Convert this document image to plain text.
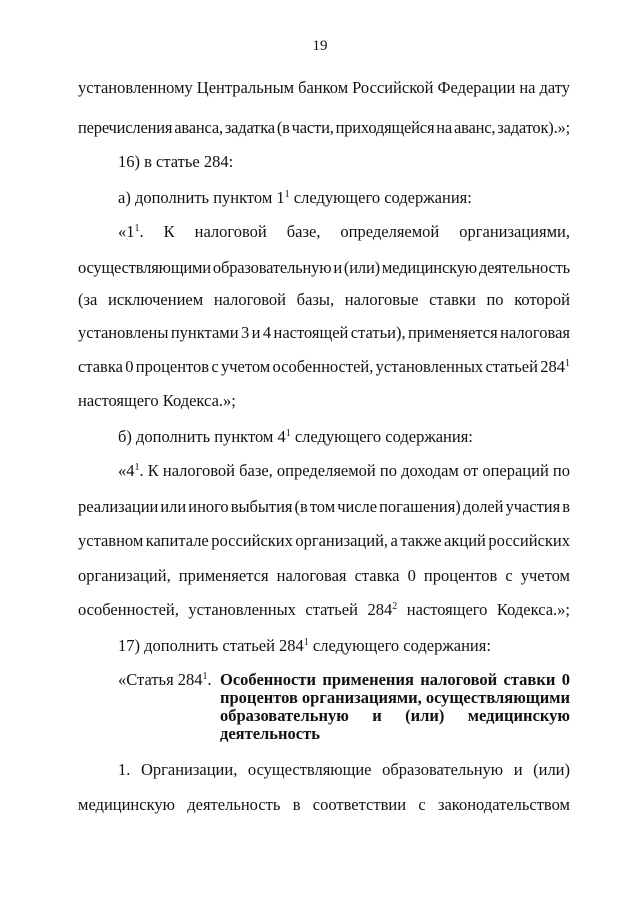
19
установленному Центральным банком Российской Федерации на дату
перечисления аванса, задатка (в части, приходящейся на аванс, задаток).»;
16) в статье 284:
а) дополнить пунктом $1^1$ следующего содержания:
«$1^1$. К налоговой базе, определяемой организациями,
осуществляющими образовательную и (или) медицинскую деятельность
(за исключением налоговой базы, налоговые ставки по которой
установлены пунктами 3 и 4 настоящей статьи), применяется налоговая
ставка 0 процентов с учетом особенностей, установленных статьей $284^1$
настоящего Кодекса.»;
б) дополнить пунктом $4^1$ следующего содержания:
«$4^1$. К налоговой базе, определяемой по доходам от операций по
реализации или иного выбытия (в том числе погашения) долей участия в
уставном капитале российских организаций, а также акций российских
организаций, применяется налоговая ставка 0 процентов с учетом
особенностей, установленных статьей $284^2$ настоящего Кодекса.»;
17) дополнить статьей $284^1$ следующего содержания:
«Статья $284^1$. Особенности применения налоговой ставки 0
процентов организациями, осуществляющими
образовательную и (или) медицинскую
деятельность
1. Организации, осуществляющие образовательную и (или)
медицинскую деятельность в соответствии с законодательством
